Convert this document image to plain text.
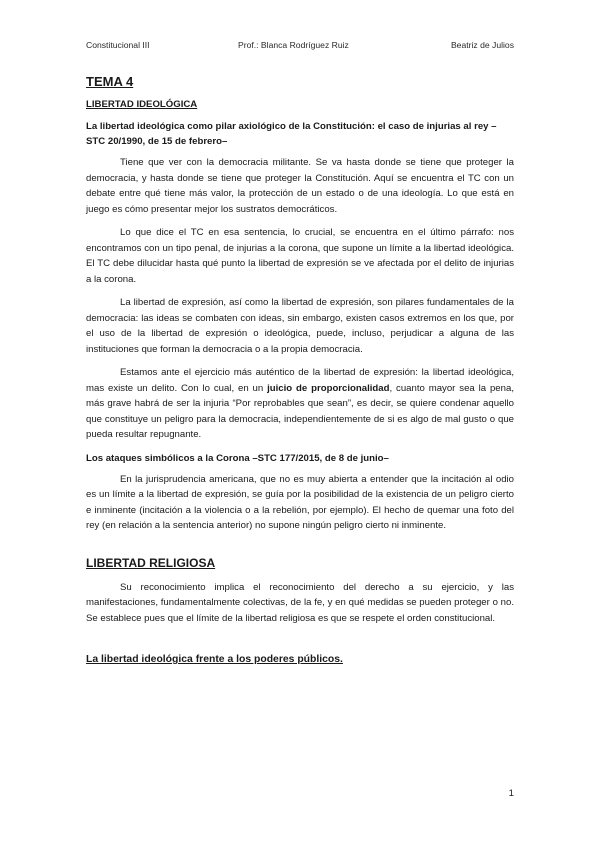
Constitucional III	Prof.: Blanca Rodríguez Ruiz	Beatriz de Julios
TEMA 4
LIBERTAD IDEOLÓGICA
La libertad ideológica como pilar axiológico de la Constitución: el caso de injurias al rey –STC 20/1990, de 15 de febrero–

Tiene que ver con la democracia militante. Se va hasta donde se tiene que proteger la democracia, y hasta donde se tiene que proteger la Constitución. Aquí se encuentra el TC con un debate entre qué tiene más valor, la protección de un estado o de una ideología. Lo que está en juego es cómo presentar mejor los sustratos democráticos.

Lo que dice el TC en esa sentencia, lo crucial, se encuentra en el último párrafo: nos encontramos con un tipo penal, de injurias a la corona, que supone un límite a la libertad ideológica. El TC debe dilucidar hasta qué punto la libertad de expresión se ve afectada por el delito de injurias a la corona.

La libertad de expresión, así como la libertad de expresión, son pilares fundamentales de la democracia: las ideas se combaten con ideas, sin embargo, existen casos extremos en los que, por el uso de la libertad de expresión o ideológica, puede, incluso, perjudicar a alguna de las instituciones que forman la democracia o a la propia democracia.

Estamos ante el ejercicio más auténtico de la libertad de expresión: la libertad ideológica, mas existe un delito. Con lo cual, en un juicio de proporcionalidad, cuanto mayor sea la pena, más grave habrá de ser la injuria “Por reprobables que sean”, es decir, se quiere condenar aquello que constituye un peligro para la democracia, independientemente de si es algo de mal gusto o que pueda resultar repugnante.

Los ataques simbólicos a la Corona –STC 177/2015, de 8 de junio–

En la jurisprudencia americana, que no es muy abierta a entender que la incitación al odio es un límite a la libertad de expresión, se guía por la posibilidad de la existencia de un peligro cierto e inminente (incitación a la violencia o a la rebelión, por ejemplo). El hecho de quemar una foto del rey (en relación a la sentencia anterior) no supone ningún peligro cierto ni inminente.

LIBERTAD RELIGIOSA

Su reconocimiento implica el reconocimiento del derecho a su ejercicio, y las manifestaciones, fundamentalmente colectivas, de la fe, y en qué medidas se pueden proteger o no. Se establece pues que el límite de la libertad religiosa es que se respete el orden constitucional.

La libertad ideológica frente a los poderes públicos.
1
